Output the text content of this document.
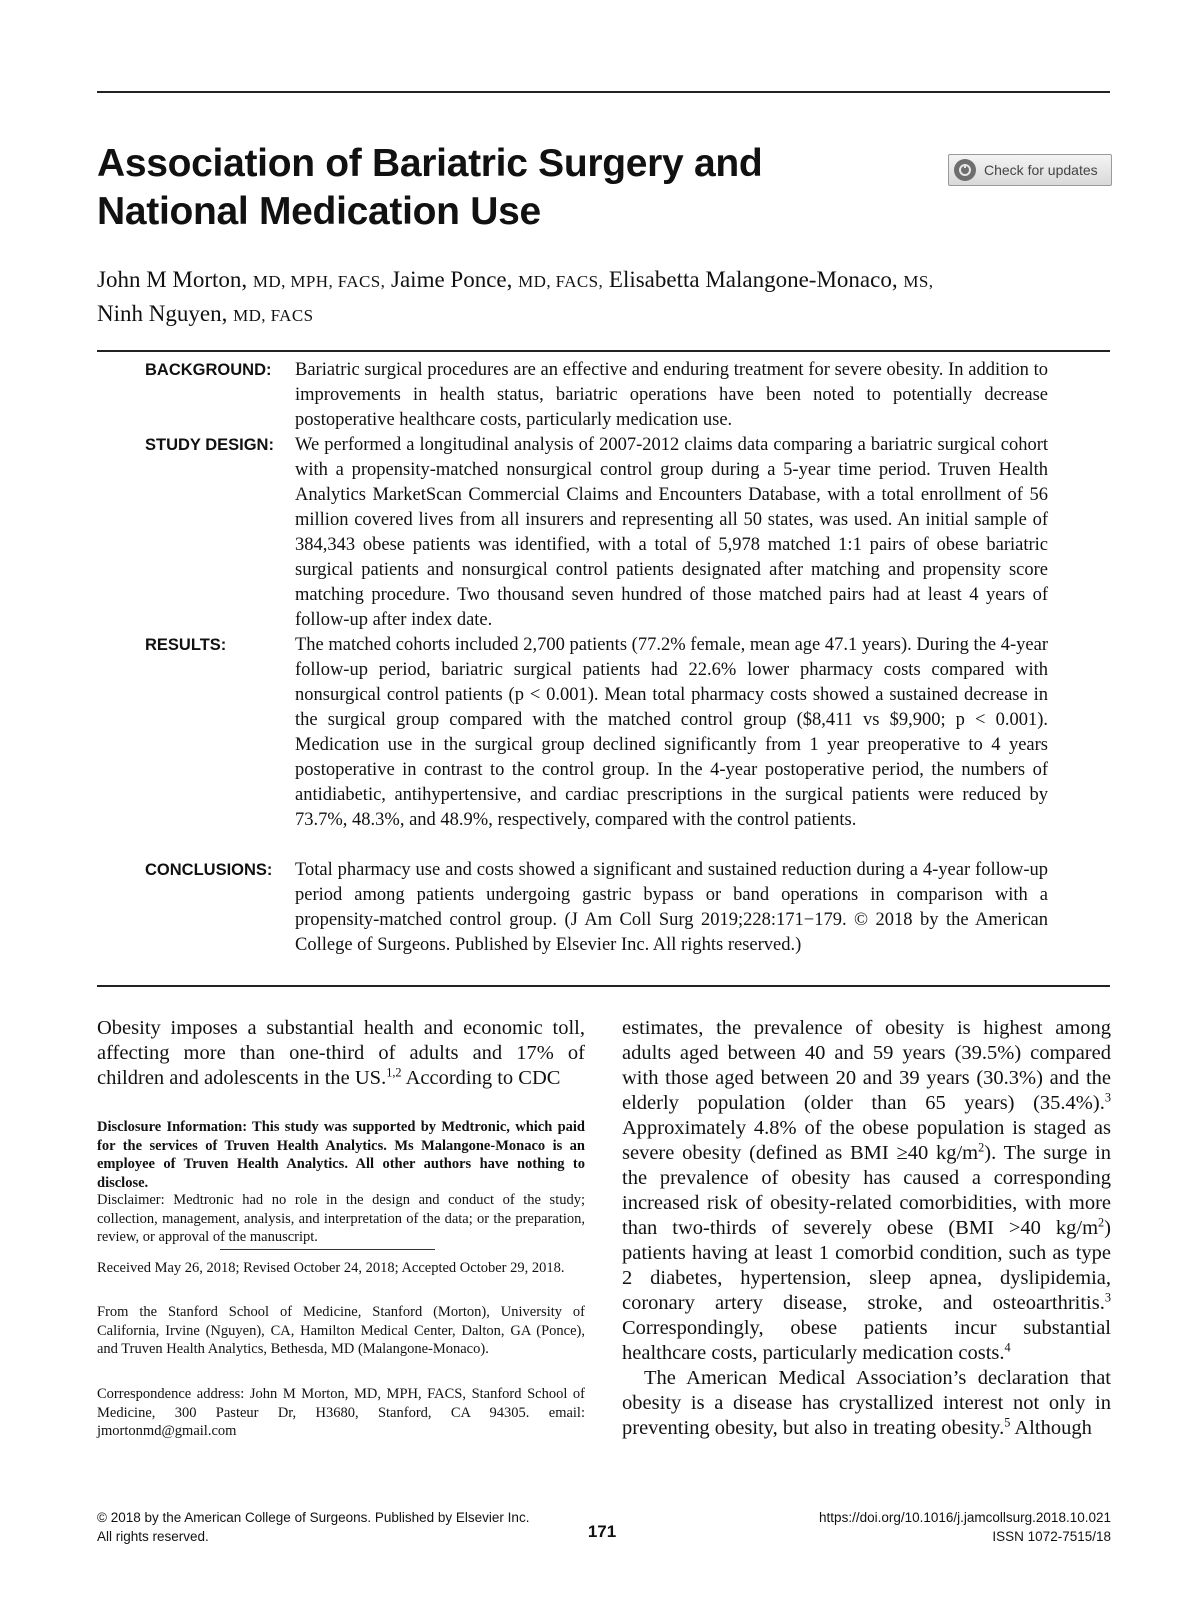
Association of Bariatric Surgery and
National Medication Use
Check for updates
John M Morton, MD, MPH, FACS, Jaime Ponce, MD, FACS, Elisabetta Malangone-Monaco, MS,
Ninh Nguyen, MD, FACS
BACKGROUND: Bariatric surgical procedures are an effective and enduring treatment for severe obesity. In addition to improvements in health status, bariatric operations have been noted to potentially decrease postoperative healthcare costs, particularly medication use.
STUDY DESIGN: We performed a longitudinal analysis of 2007-2012 claims data comparing a bariatric surgical cohort with a propensity-matched nonsurgical control group during a 5-year time period. Truven Health Analytics MarketScan Commercial Claims and Encounters Database, with a total enrollment of 56 million covered lives from all insurers and representing all 50 states, was used. An initial sample of 384,343 obese patients was identified, with a total of 5,978 matched 1:1 pairs of obese bariatric surgical patients and nonsurgical control patients designated after matching and propensity score matching procedure. Two thousand seven hundred of those matched pairs had at least 4 years of follow-up after index date.
RESULTS:	The matched cohorts included 2,700 patients (77.2% female, mean age 47.1 years). During the 4-year follow-up period, bariatric surgical patients had 22.6% lower pharmacy costs compared with nonsurgical control patients (p < 0.001). Mean total pharmacy costs showed a sustained decrease in the surgical group compared with the matched control group ($8,411 vs $9,900; p < 0.001). Medication use in the surgical group declined significantly from 1 year preoperative to 4 years postoperative in contrast to the control group. In the 4-year postoperative period, the numbers of antidiabetic, antihypertensive, and cardiac prescriptions in the surgical patients were reduced by 73.7%, 48.3%, and 48.9%, respectively, compared with the control patients.
CONCLUSIONS: Total pharmacy use and costs showed a significant and sustained reduction during a 4-year follow-up period among patients undergoing gastric bypass or band operations in comparison with a propensity-matched control group. (J Am Coll Surg 2019;228:171−179. © 2018 by the American College of Surgeons. Published by Elsevier Inc. All rights reserved.)
Obesity imposes a substantial health and economic toll, affecting more than one-third of adults and 17% of children and adolescents in the US.$^{1,2}$ According to CDC
Disclosure Information: This study was supported by Medtronic, which paid for the services of Truven Health Analytics. Ms Malangone-Monaco is an employee of Truven Health Analytics. All other authors have nothing to disclose.
Disclaimer: Medtronic had no role in the design and conduct of the study; collection, management, analysis, and interpretation of the data; or the preparation, review, or approval of the manuscript.
Received May 26, 2018; Revised October 24, 2018; Accepted October 29, 2018.
From the Stanford School of Medicine, Stanford (Morton), University of California, Irvine (Nguyen), CA, Hamilton Medical Center, Dalton, GA (Ponce), and Truven Health Analytics, Bethesda, MD (Malangone-Monaco).
Correspondence address: John M Morton, MD, MPH, FACS, Stanford School of Medicine, 300 Pasteur Dr, H3680, Stanford, CA 94305. email: jmortonmd@gmail.com
estimates, the prevalence of obesity is highest among adults aged between 40 and 59 years (39.5%) compared with those aged between 20 and 39 years (30.3%) and the elderly population (older than 65 years) (35.4%).$^3$ Approximately 4.8% of the obese population is staged as severe obesity (defined as BMI ≥40 $kg/m^2$). The surge in the prevalence of obesity has caused a corresponding increased risk of obesity-related comorbidities, with more than two-thirds of severely obese (BMI >40 $kg/m^2$) patients having at least 1 comorbid condition, such as type 2 diabetes, hypertension, sleep apnea, dyslipidemia, coronary artery disease, stroke, and osteoarthritis.$^3$ Correspondingly, obese patients incur substantial healthcare costs, particularly medication costs.$^4$
The American Medical Association’s declaration that obesity is a disease has crystallized interest not only in preventing obesity, but also in treating obesity.$^5$ Although
© 2018 by the American College of Surgeons. Published by Elsevier Inc.
All rights reserved.	171
https://doi.org/10.1016/j.jamcollsurg.2018.10.021
ISSN 1072-7515/18
